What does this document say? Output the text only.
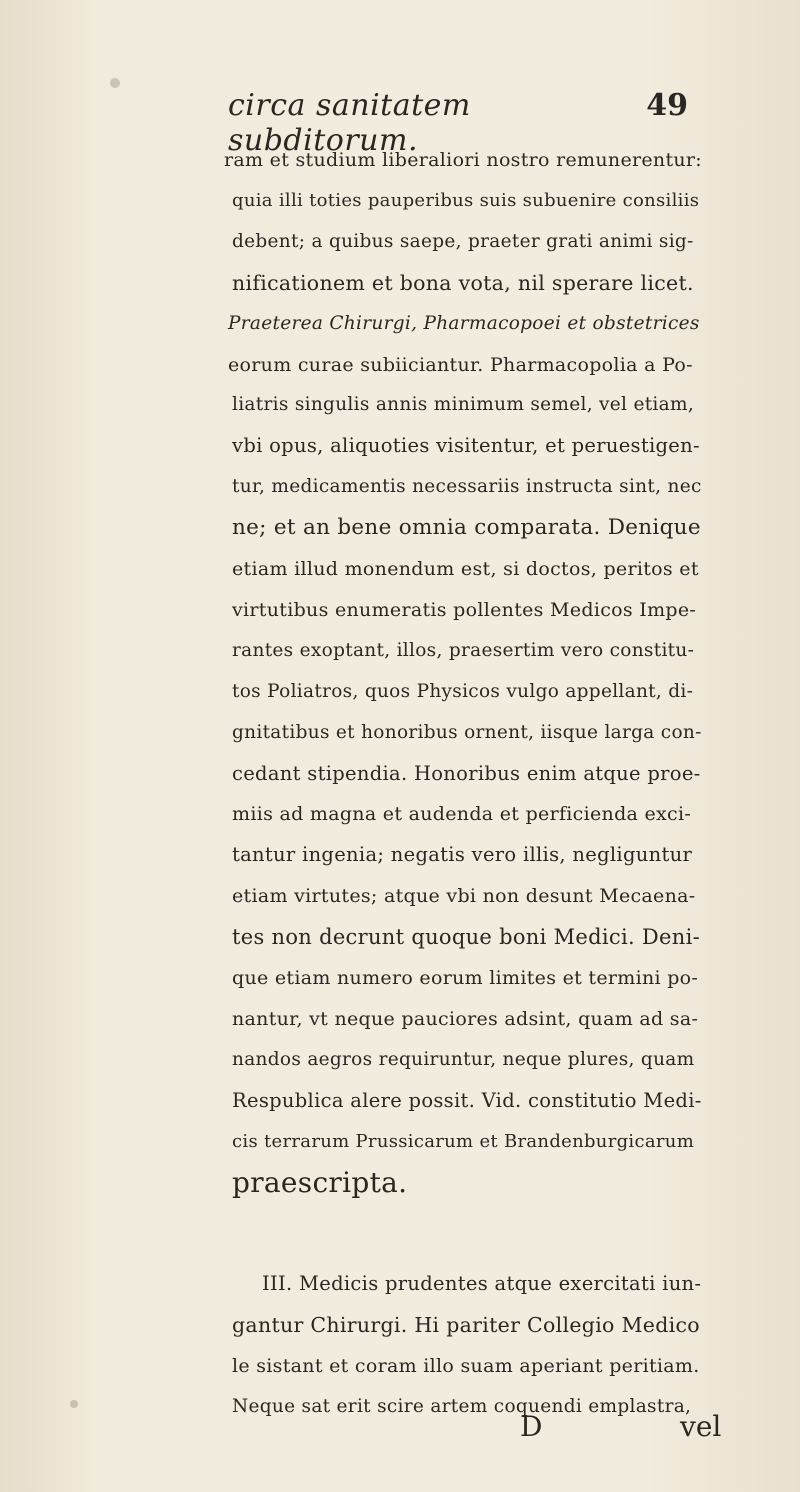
circa sanitatem subditorum.
49
ram et studium liberaliori nostro remunerentur:
quia illi toties pauperibus suis subuenire consiliis
debent; a quibus saepe, praeter grati animi sig-
nificationem et bona vota, nil sperare licet.
Praeterea Chirurgi, Pharmacopoei et obstetrices
eorum curae subiiciantur. Pharmacopolia a Po-
liatris singulis annis minimum semel, vel etiam,
vbi opus, aliquoties visitentur, et peruestigen-
tur, medicamentis necessariis instructa sint, nec
ne; et an bene omnia comparata. Denique
etiam illud monendum est, si doctos, peritos et
virtutibus enumeratis pollentes Medicos Impe-
rantes exoptant, illos, praesertim vero constitu-
tos Poliatros, quos Physicos vulgo appellant, di-
gnitatibus et honoribus ornent, iisque larga con-
cedant stipendia. Honoribus enim atque proe-
miis ad magna et audenda et perficienda exci-
tantur ingenia; negatis vero illis, negliguntur
etiam virtutes; atque vbi non desunt Mecaena-
tes non decrunt quoque boni Medici. Deni-
que etiam numero eorum limites et termini po-
nantur, vt neque pauciores adsint, quam ad sa-
nandos aegros requiruntur, neque plures, quam
Respublica alere possit. Vid. constitutio Medi-
cis terrarum Prussicarum et Brandenburgicarum
praescripta.
III. Medicis prudentes atque exercitati iun-
gantur Chirurgi. Hi pariter Collegio Medico
le sistant et coram illo suam aperiant peritiam.
Neque sat erit scire artem coquendi emplastra,
D	vel
